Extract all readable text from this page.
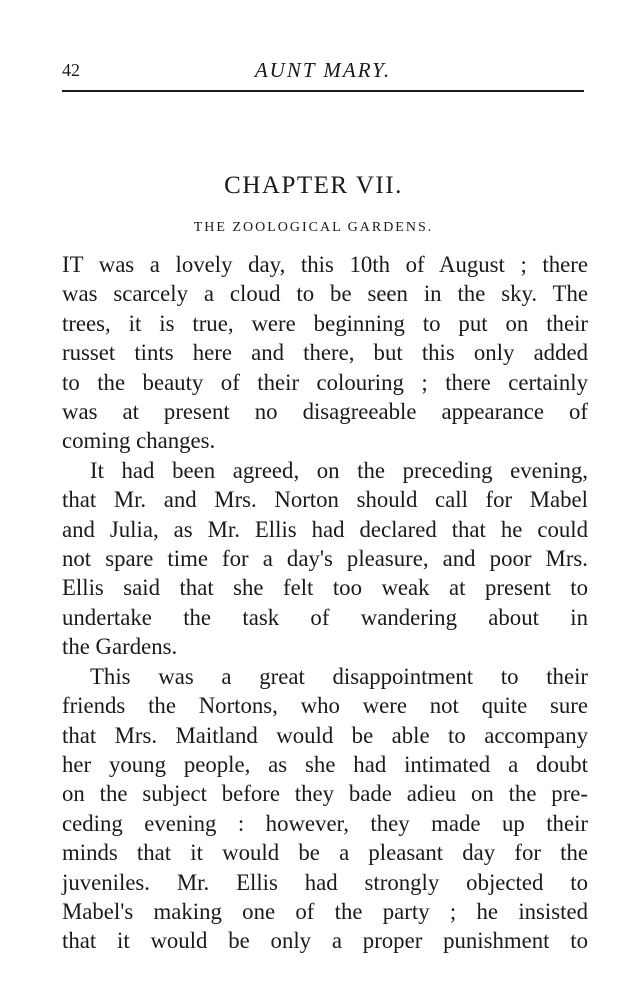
42	AUNT MARY.
CHAPTER VII.
THE ZOOLOGICAL GARDENS.
IT was a lovely day, this 10th of August ; there
was scarcely a cloud to be seen in the sky. The
trees, it is true, were beginning to put on their
russet tints here and there, but this only added
to the beauty of their colouring ; there certainly
was at present no disagreeable appearance of
coming changes.
It had been agreed, on the preceding evening,
that Mr. and Mrs. Norton should call for Mabel
and Julia, as Mr. Ellis had declared that he could
not spare time for a day's pleasure, and poor Mrs.
Ellis said that she felt too weak at present to
undertake the task of wandering about in
the Gardens.
This was a great disappointment to their
friends the Nortons, who were not quite sure
that Mrs. Maitland would be able to accompany
her young people, as she had intimated a doubt
on the subject before they bade adieu on the pre-
ceding evening : however, they made up their
minds that it would be a pleasant day for the
juveniles. Mr. Ellis had strongly objected to
Mabel's making one of the party ; he insisted
that it would be only a proper punishment to
